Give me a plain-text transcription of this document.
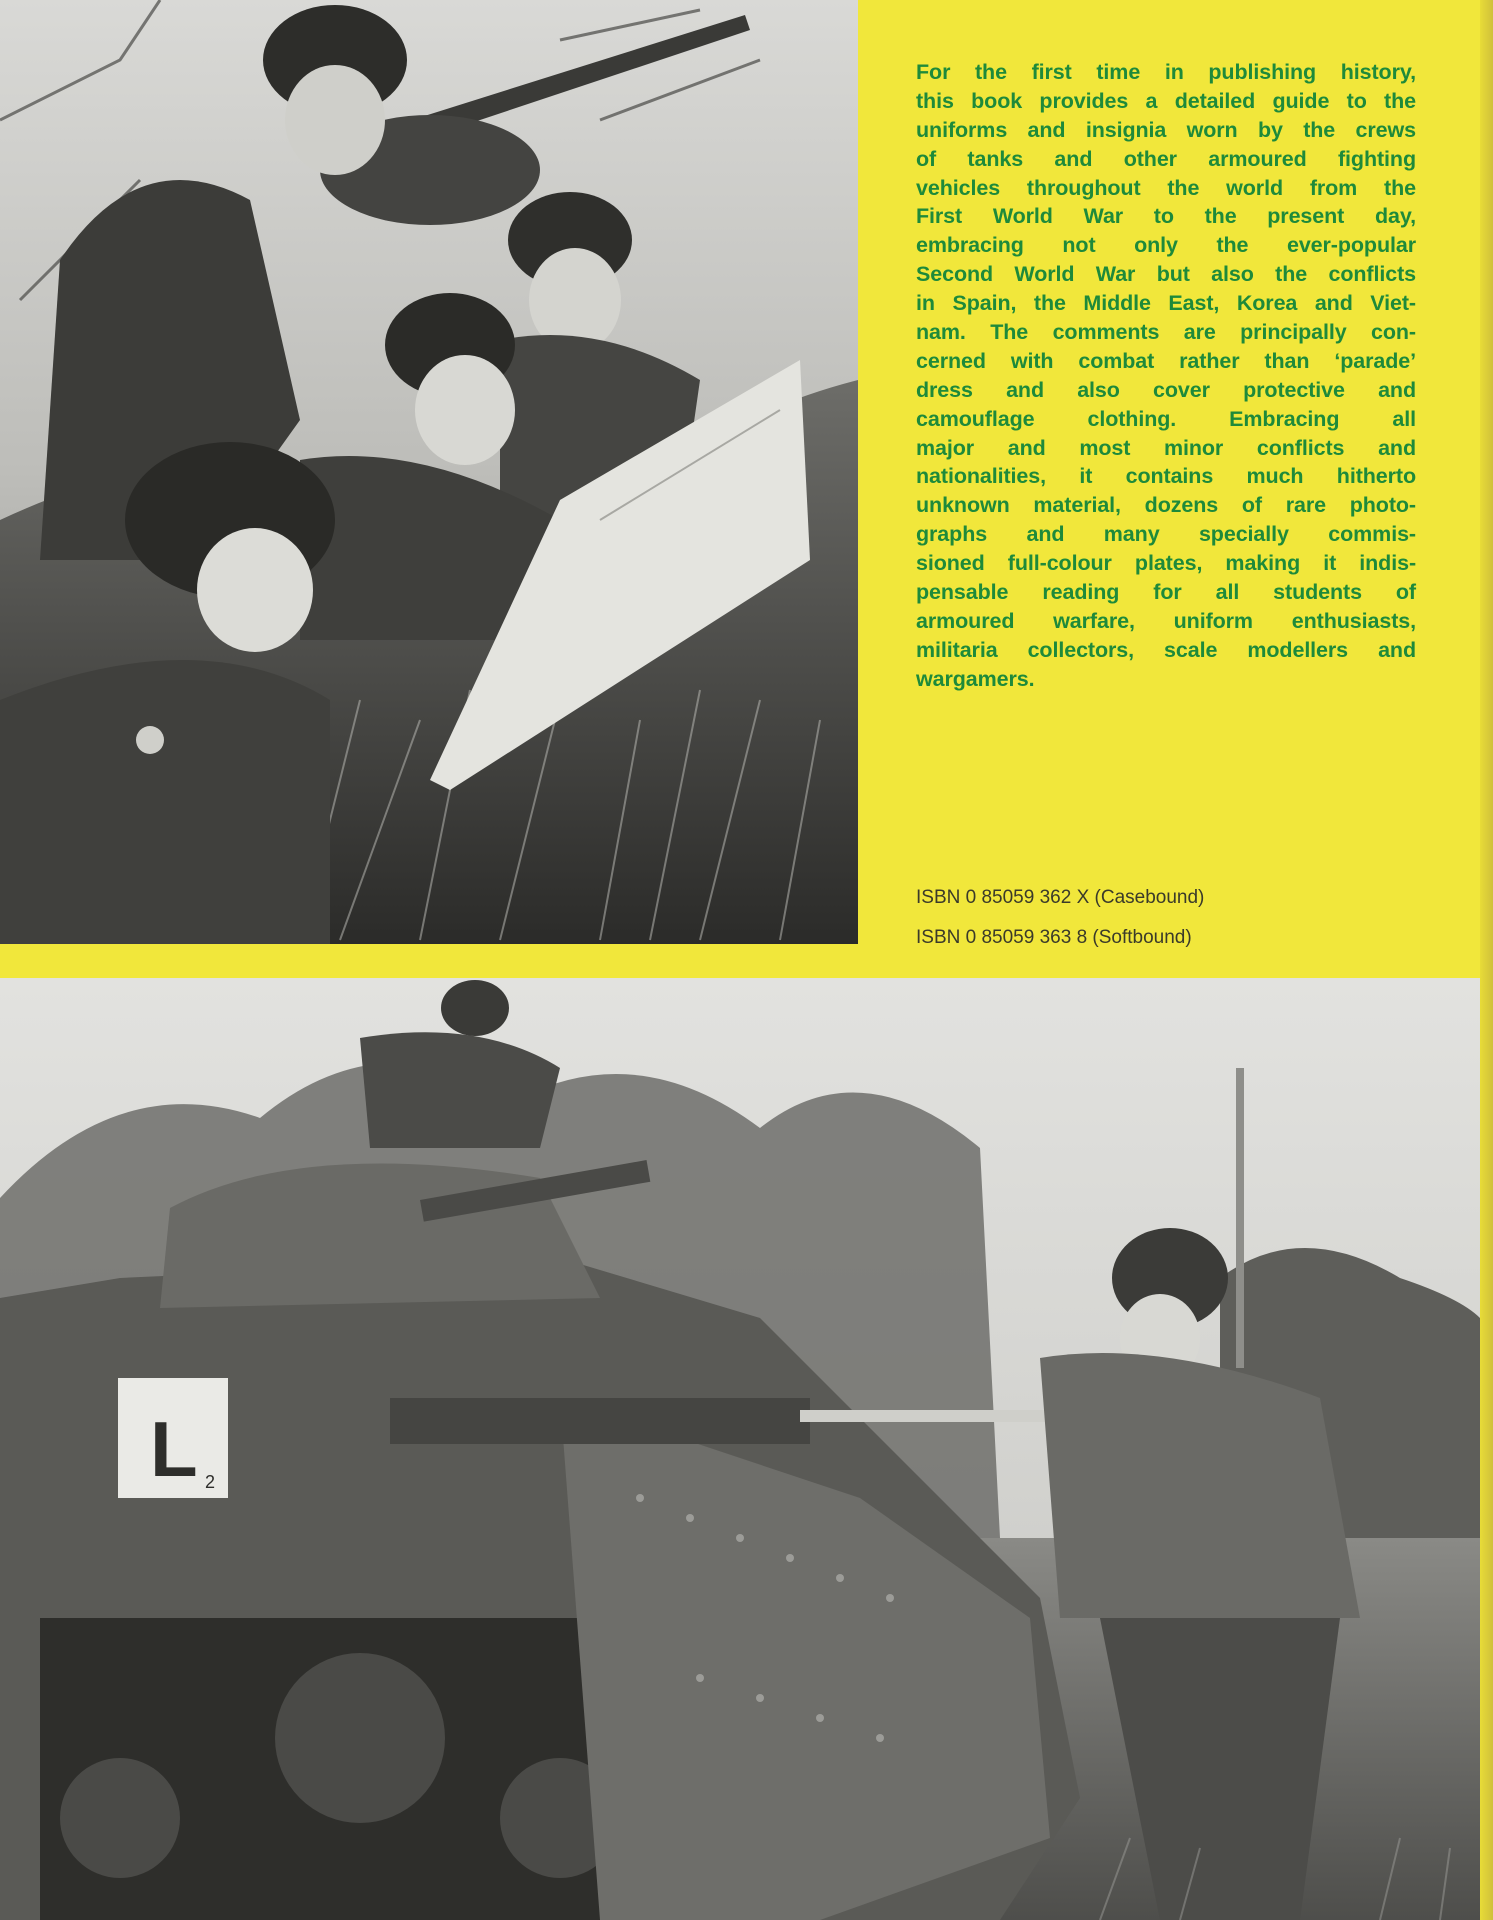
For the first time in publishing history,
this book provides a detailed guide to the
uniforms and insignia worn by the crews
of tanks and other armoured fighting
vehicles throughout the world from the
First World War to the present day,
embracing not only the ever-popular
Second World War but also the conflicts
in Spain, the Middle East, Korea and Viet-
nam. The comments are principally con-
cerned with combat rather than ‘parade’
dress and also cover protective and
camouflage clothing. Embracing all
major and most minor conflicts and
nationalities, it contains much hitherto
unknown material, dozens of rare photo-
graphs and many specially commis-
sioned full-colour plates, making it indis-
pensable reading for all students of
armoured warfare, uniform enthusiasts,
militaria collectors, scale modellers and
wargamers.
ISBN 0 85059 362 X (Casebound)
ISBN 0 85059 363 8 (Softbound)
L 2
